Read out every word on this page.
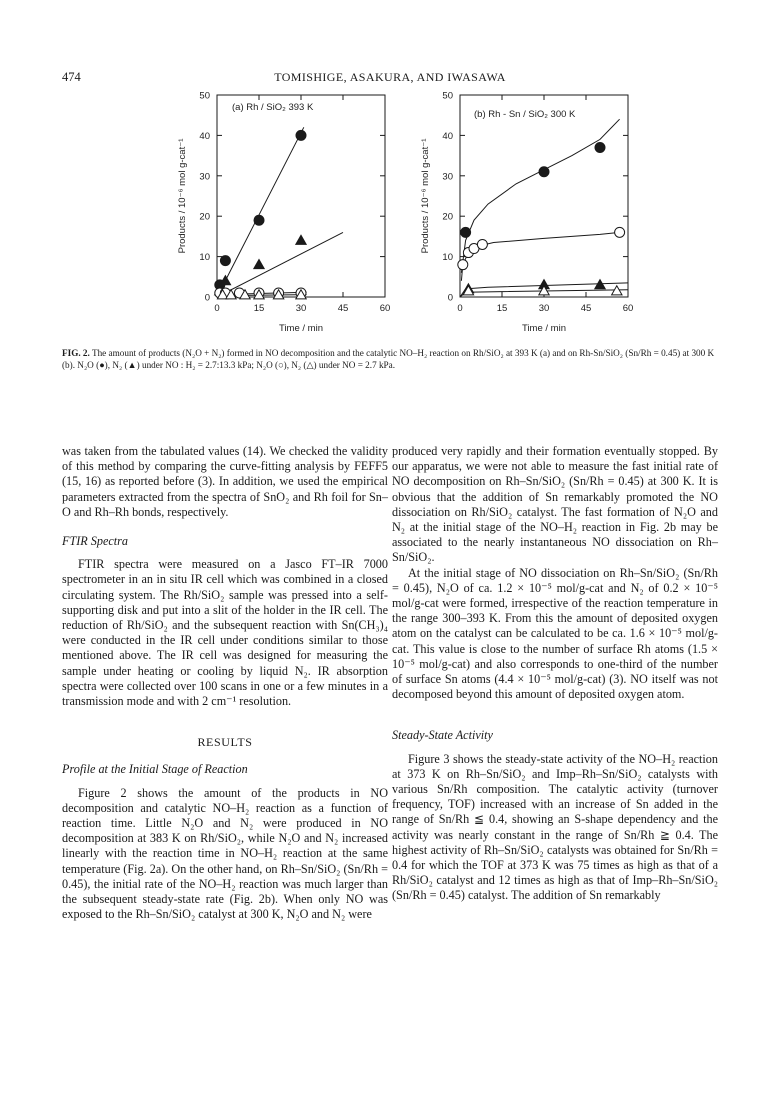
474	TOMISHIGE, ASAKURA, AND IWASAWA
(a) Rh / SiO₂ 393 K
0	15	30	45	60
0
10
20
30
40
50
Time / min
Products / 10⁻⁶ mol g-cat⁻¹
(b) Rh - Sn / SiO₂ 300 K
0	15	30	45	60
0
10
20
30
40
50
Time / min
Products / 10⁻⁶ mol g-cat⁻¹
FIG. 2. The amount of products (N₂O + N₂) formed in NO decomposition and the catalytic NO–H₂ reaction on Rh/SiO₂ at 393 K (a) and on Rh-Sn/SiO₂ (Sn/Rh = 0.45) at 300 K (b). N₂O (●), N₂ (▲) under NO : H₂ = 2.7:13.3 kPa; N₂O (○), N₂ (△) under NO = 2.7 kPa.

was taken from the tabulated values (14). We checked the validity of this method by comparing the curve-fitting analysis by FEFF5 (15, 16) as reported before (3). In addition, we used the empirical parameters extracted from the spectra of SnO₂ and Rh foil for Sn–O and Rh–Rh bonds, respectively.

FTIR Spectra

FTIR spectra were measured on a Jasco FT–IR 7000 spectrometer in an in situ IR cell which was combined in a closed circulating system. The Rh/SiO₂ sample was pressed into a self-supporting disk and put into a slit of the holder in the IR cell. The reduction of Rh/SiO₂ and the subsequent reaction with Sn(CH₃)₄ were conducted in the IR cell under conditions similar to those mentioned above. The IR cell was designed for measuring the sample under heating or cooling by liquid N₂. IR absorption spectra were collected over 100 scans in one or a few minutes in a transmission mode and with 2 cm⁻¹ resolution.

RESULTS
Profile at the Initial Stage of Reaction

Figure 2 shows the amount of the products in NO decomposition and catalytic NO–H₂ reaction as a function of reaction time. Little N₂O and N₂ were produced in NO decomposition at 383 K on Rh/SiO₂, while N₂O and N₂ increased linearly with the reaction time in NO–H₂ reaction at the same temperature (Fig. 2a). On the other hand, on Rh–Sn/SiO₂ (Sn/Rh = 0.45), the initial rate of the NO–H₂ reaction was much larger than the subsequent steady-state rate (Fig. 2b). When only NO was exposed to the Rh–Sn/SiO₂ catalyst at 300 K, N₂O and N₂ were

produced very rapidly and their formation eventually stopped. By our apparatus, we were not able to measure the fast initial rate of NO decomposition on Rh–Sn/SiO₂ (Sn/Rh = 0.45) at 300 K. It is obvious that the addition of Sn remarkably promoted the NO dissociation on Rh/SiO₂ catalyst. The fast formation of N₂O and N₂ at the initial stage of the NO–H₂ reaction in Fig. 2b may be associated to the nearly instantaneous NO dissociation on Rh–Sn/SiO₂.

At the initial stage of NO dissociation on Rh–Sn/SiO₂ (Sn/Rh = 0.45), N₂O of ca. 1.2 × 10⁻⁵ mol/g-cat and N₂ of 0.2 × 10⁻⁵ mol/g-cat were formed, irrespective of the reaction temperature in the range 300–393 K. From this the amount of deposited oxygen atom on the catalyst can be calculated to be ca. 1.6 × 10⁻⁵ mol/g-cat. This value is close to the number of surface Rh atoms (1.5 × 10⁻⁵ mol/g-cat) and also corresponds to one-third of the number of surface Sn atoms (4.4 × 10⁻⁵ mol/g-cat) (3). NO itself was not decomposed beyond this amount of deposited oxygen atom.

Steady-State Activity

Figure 3 shows the steady-state activity of the NO–H₂ reaction at 373 K on Rh–Sn/SiO₂ and Imp–Rh–Sn/SiO₂ catalysts with various Sn/Rh composition. The catalytic activity (turnover frequency, TOF) increased with an increase of Sn added in the range of Sn/Rh ≦ 0.4, showing an S-shape dependency and the activity was nearly constant in the range of Sn/Rh ≧ 0.4. The highest activity of Rh–Sn/SiO₂ catalysts was obtained for Sn/Rh = 0.4 for which the TOF at 373 K was 75 times as high as that of a Rh/SiO₂ catalyst and 12 times as high as that of Imp–Rh–Sn/SiO₂ (Sn/Rh = 0.45) catalyst. The addition of Sn remarkably
